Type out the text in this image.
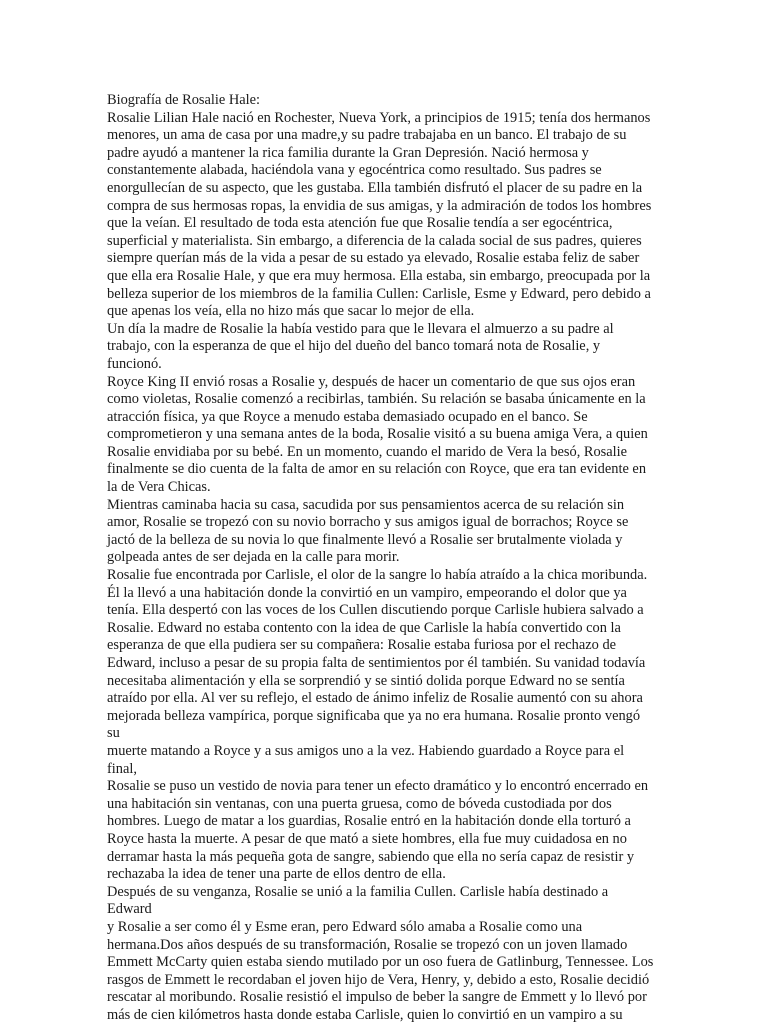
Biografía de Rosalie Hale:

Rosalie Lilian Hale nació en Rochester, Nueva York, a principios de 1915; tenía dos hermanos
menores, un ama de casa por una madre,y su padre trabajaba en un banco. El trabajo de su
padre ayudó a mantener la rica familia durante la Gran Depresión. Nació hermosa y
constantemente alabada, haciéndola vana y egocéntrica como resultado. Sus padres se
enorgullecían de su aspecto, que les gustaba. Ella también disfrutó el placer de su padre en la
compra de sus hermosas ropas, la envidia de sus amigas, y la admiración de todos los hombres
que la veían. El resultado de toda esta atención fue que Rosalie tendía a ser egocéntrica,
superficial y materialista. Sin embargo, a diferencia de la calada social de sus padres, quieres
siempre querían más de la vida a pesar de su estado ya elevado, Rosalie estaba feliz de saber
que ella era Rosalie Hale, y que era muy hermosa. Ella estaba, sin embargo, preocupada por la
belleza superior de los miembros de la familia Cullen: Carlisle, Esme y Edward, pero debido a
que apenas los veía, ella no hizo más que sacar lo mejor de ella.

Un día la madre de Rosalie la había vestido para que le llevara el almuerzo a su padre al
trabajo, con la esperanza de que el hijo del dueño del banco tomará nota de Rosalie, y funcionó.
Royce King II envió rosas a Rosalie y, después de hacer un comentario de que sus ojos eran
como violetas, Rosalie comenzó a recibirlas, también. Su relación se basaba únicamente en la
atracción física, ya que Royce a menudo estaba demasiado ocupado en el banco. Se
comprometieron y una semana antes de la boda, Rosalie visitó a su buena amiga Vera, a quien
Rosalie envidiaba por su bebé. En un momento, cuando el marido de Vera la besó, Rosalie
finalmente se dio cuenta de la falta de amor en su relación con Royce, que era tan evidente en
la de Vera Chicas.

Mientras caminaba hacia su casa, sacudida por sus pensamientos acerca de su relación sin
amor, Rosalie se tropezó con su novio borracho y sus amigos igual de borrachos; Royce se
jactó de la belleza de su novia lo que finalmente llevó a Rosalie ser brutalmente violada y
golpeada antes de ser dejada en la calle para morir.

Rosalie fue encontrada por Carlisle, el olor de la sangre lo había atraído a la chica moribunda.
Él la llevó a una habitación donde la convirtió en un vampiro, empeorando el dolor que ya
tenía. Ella despertó con las voces de los Cullen discutiendo porque Carlisle hubiera salvado a
Rosalie. Edward no estaba contento con la idea de que Carlisle la había convertido con la
esperanza de que ella pudiera ser su compañera: Rosalie estaba furiosa por el rechazo de
Edward, incluso a pesar de su propia falta de sentimientos por él también. Su vanidad todavía
necesitaba alimentación y ella se sorprendió y se sintió dolida porque Edward no se sentía
atraído por ella. Al ver su reflejo, el estado de ánimo infeliz de Rosalie aumentó con su ahora
mejorada belleza vampírica, porque significaba que ya no era humana. Rosalie pronto vengó su
muerte matando a Royce y a sus amigos uno a la vez. Habiendo guardado a Royce para el final,
Rosalie se puso un vestido de novia para tener un efecto dramático y lo encontró encerrado en
una habitación sin ventanas, con una puerta gruesa, como de bóveda custodiada por dos
hombres. Luego de matar a los guardias, Rosalie entró en la habitación donde ella torturó a
Royce hasta la muerte. A pesar de que mató a siete hombres, ella fue muy cuidadosa en no
derramar hasta la más pequeña gota de sangre, sabiendo que ella no sería capaz de resistir y
rechazaba la idea de tener una parte de ellos dentro de ella.

Después de su venganza, Rosalie se unió a la familia Cullen. Carlisle había destinado a Edward
y Rosalie a ser como él y Esme eran, pero Edward sólo amaba a Rosalie como una
hermana.Dos años después de su transformación, Rosalie se tropezó con un joven llamado
Emmett McCarty quien estaba siendo mutilado por un oso fuera de Gatlinburg, Tennessee. Los
rasgos de Emmett le recordaban el joven hijo de Vera, Henry, y, debido a esto, Rosalie decidió
rescatar al moribundo. Rosalie resistió el impulso de beber la sangre de Emmett y lo llevó por
más de cien kilómetros hasta donde estaba Carlisle, quien lo convirtió en un vampiro a su
